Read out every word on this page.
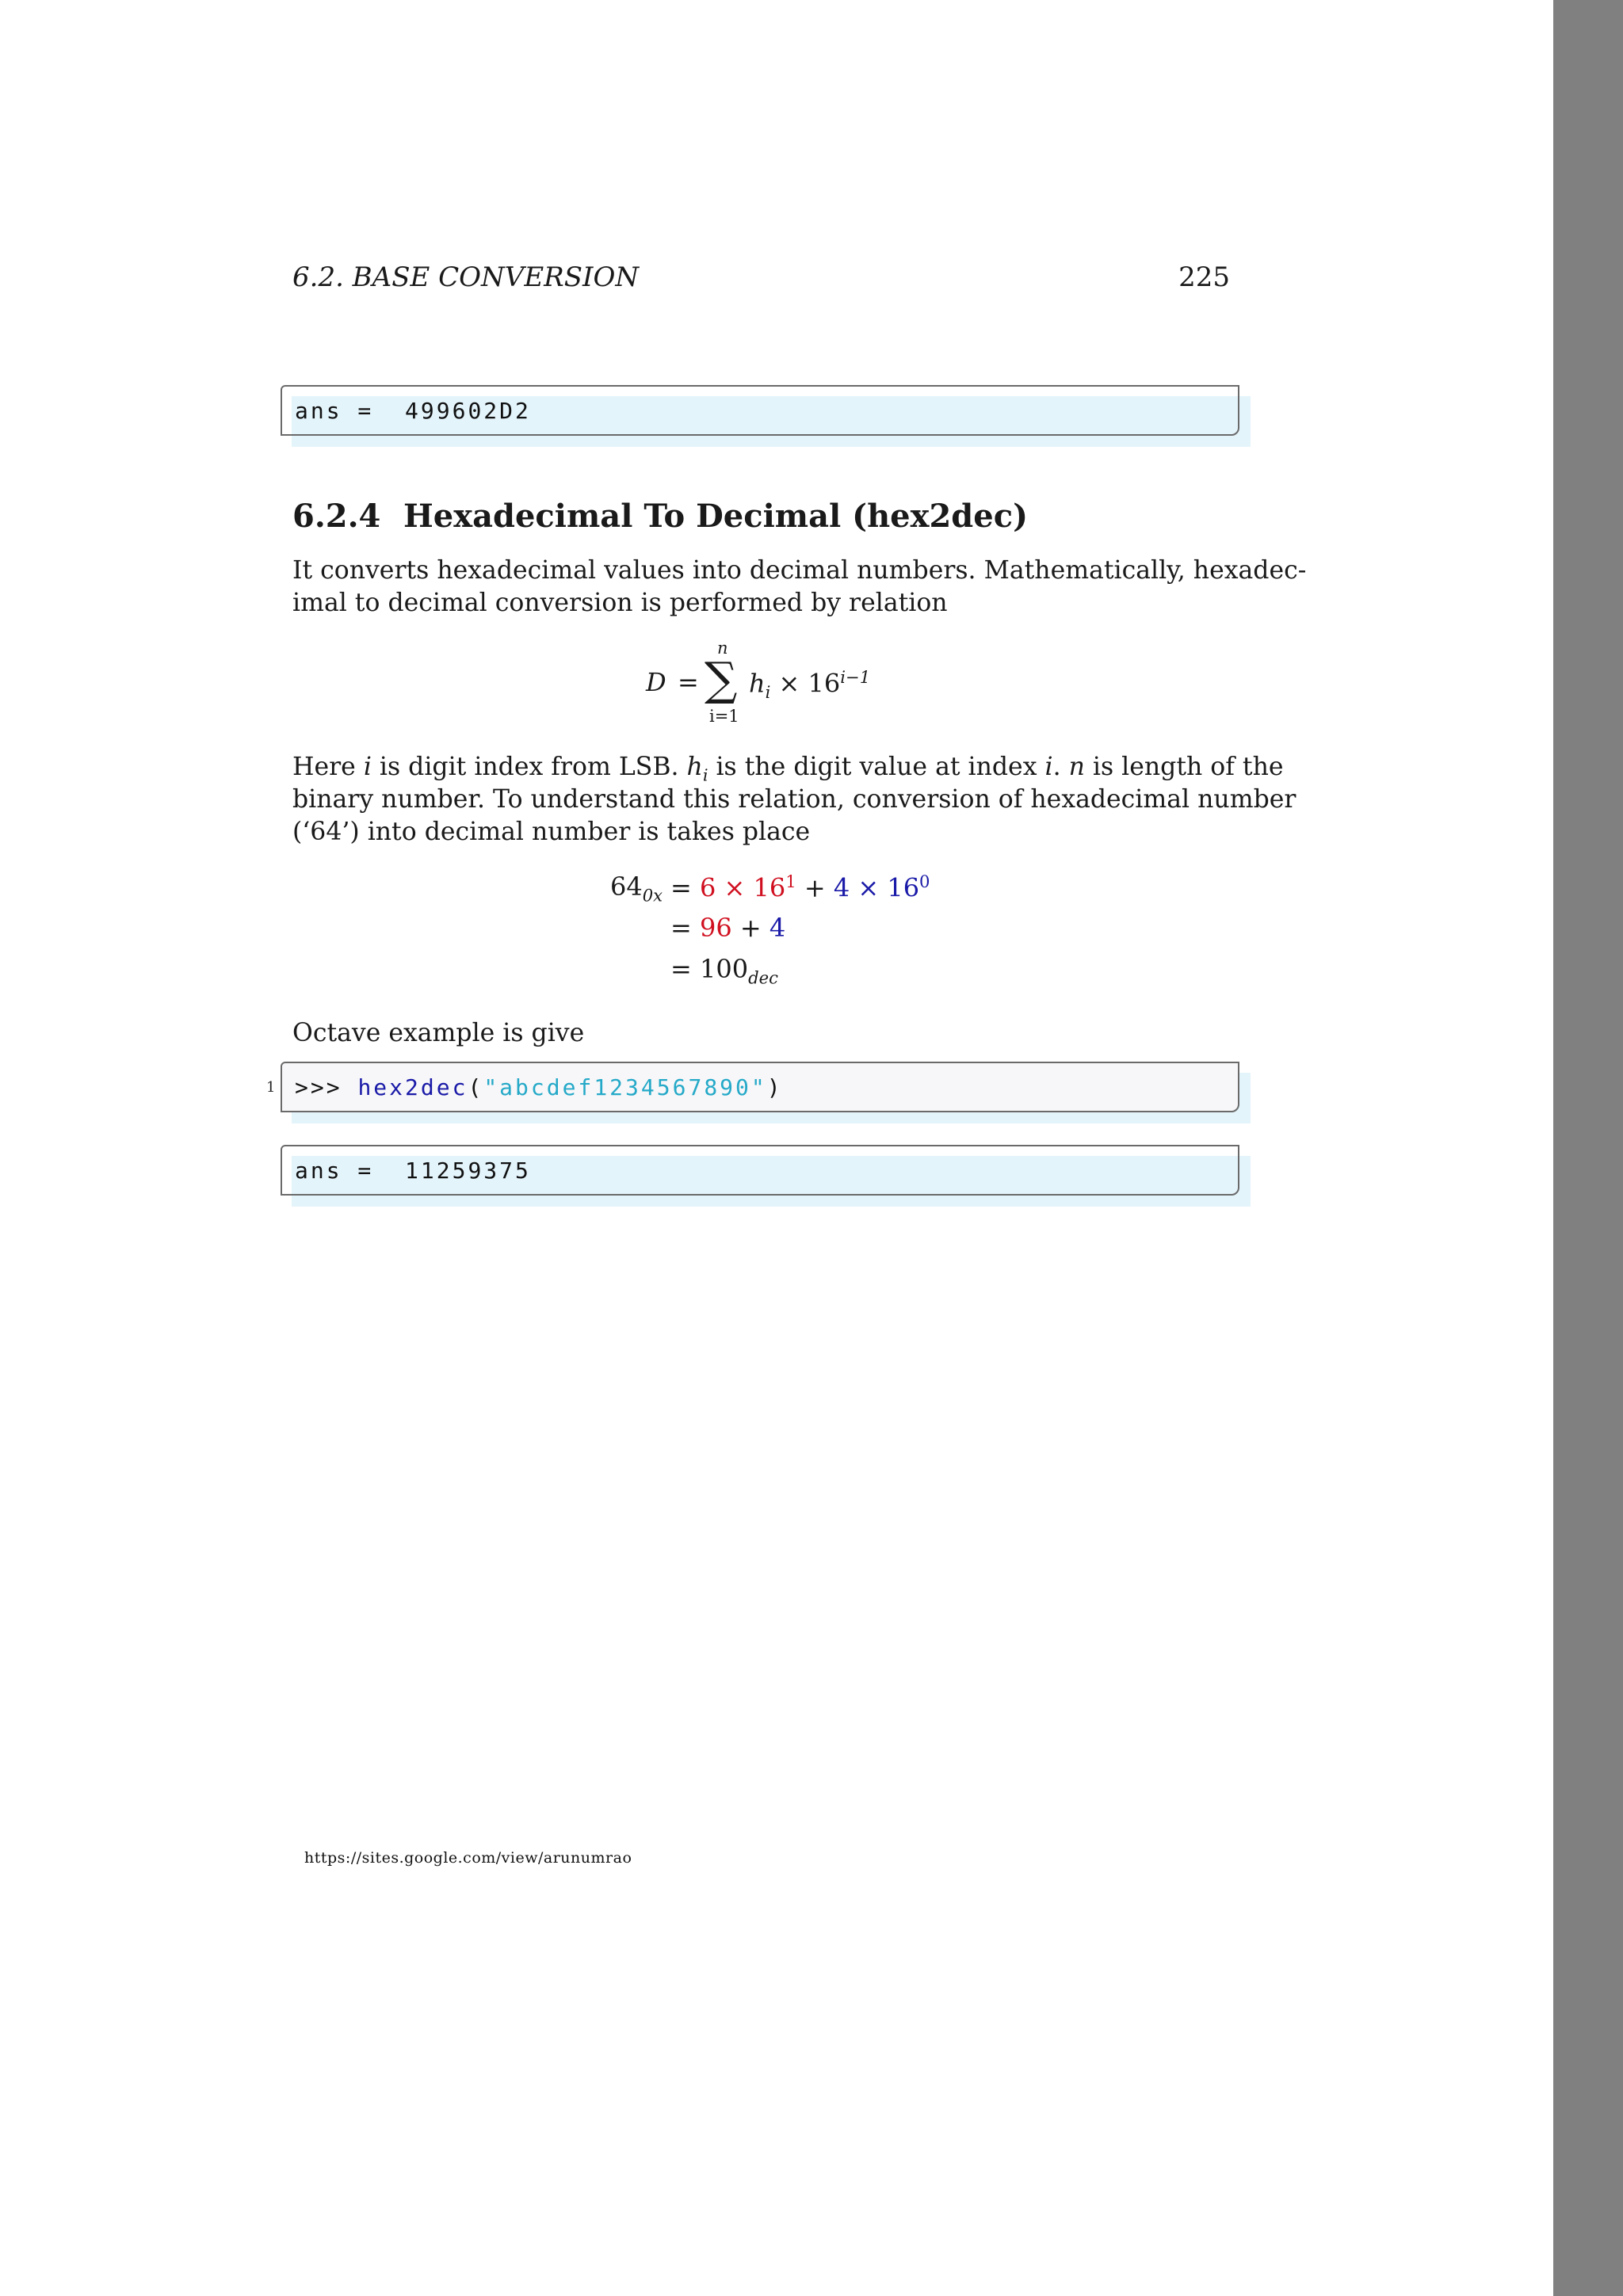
6.2. BASE CONVERSION	225
ans = 499602D2
6.2.4 Hexadecimal To Decimal (hex2dec)
It converts hexadecimal values into decimal numbers. Mathematically, hexadec-
imal to decimal conversion is performed by relation
D = ∑
n
i=1
$h_i \times 16^{i-1}$
Here i is digit index from LSB. $h_i$ is the digit value at index i. n is length of the
binary number. To understand this relation, conversion of hexadecimal number
(‘64’) into decimal number is takes place
$64_{0x} = 6 \times 16^1 + 4 \times 16^0$
= 96 + 4
= $100_{dec}$
Octave example is give
1 >>> hex2dec("abcdef1234567890")
ans = 11259375
https://sites.google.com/view/arunumrao
